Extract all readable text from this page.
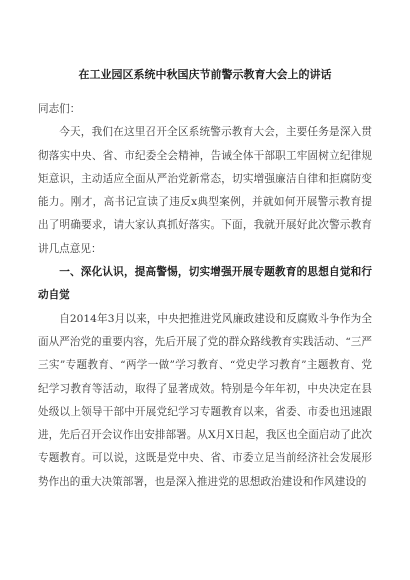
在工业园区系统中秋国庆节前警示教育大会上的讲话

同志们：

今天，我们在这里召开全区系统警示教育大会，主要任务是深入贯彻落实中央、省、市纪委全会精神，告诫全体干部职工牢固树立纪律规矩意识，主动适应全面从严治党新常态，切实增强廉洁自律和拒腐防变能力。刚才，高书记宣读了违反x典型案例，并就如何开展警示教育提出了明确要求，请大家认真抓好落实。下面，我就开展好此次警示教育讲几点意见：

一、深化认识，提高警惕，切实增强开展专题教育的思想自觉和行动自觉

自2014年3月以来，中央把推进党风廉政建设和反腐败斗争作为全面从严治党的重要内容，先后开展了党的群众路线教育实践活动、“三严三实”专题教育、“两学一做”学习教育、“党史学习教育”主题教育、党纪学习教育等活动，取得了显著成效。特别是今年年初，中央决定在县处级以上领导干部中开展党纪学习专题教育以来，省委、市委也迅速跟进，先后召开会议作出安排部署。从X月X日起，我区也全面启动了此次专题教育。可以说，这既是党中央、省、市委立足当前经济社会发展形势作出的重大决策部署，也是深入推进党的思想政治建设和作风建设的
